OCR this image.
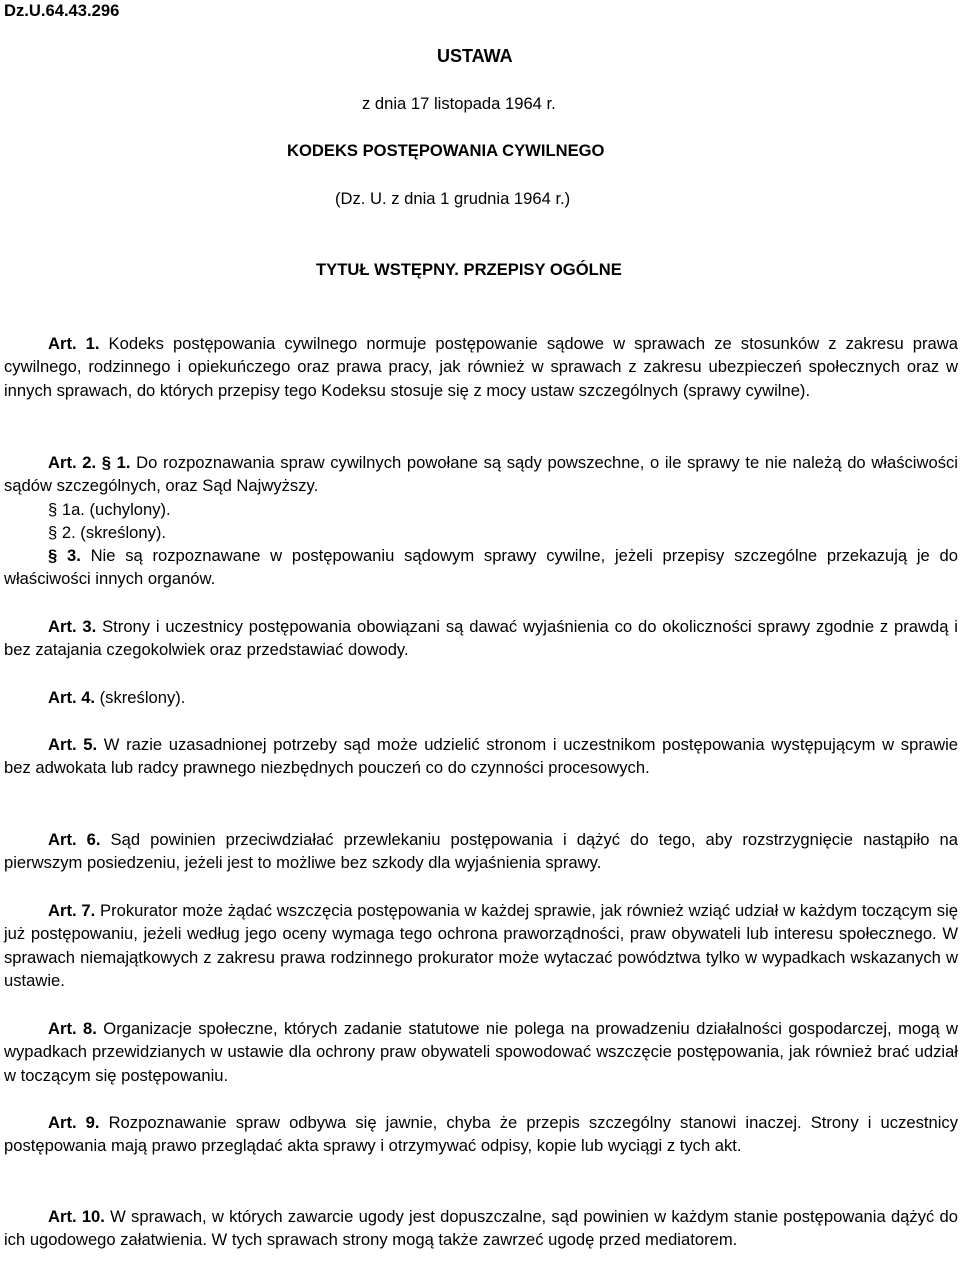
Dz.U.64.43.296
USTAWA
z dnia 17 listopada 1964 r.
KODEKS POSTĘPOWANIA CYWILNEGO
(Dz. U. z dnia 1 grudnia 1964 r.)
TYTUŁ WSTĘPNY. PRZEPISY OGÓLNE

Art. 1. Kodeks postępowania cywilnego normuje postępowanie sądowe w sprawach ze stosunków z zakresu prawa cywilnego, rodzinnego i opiekuńczego oraz prawa pracy, jak również w sprawach z zakresu ubezpieczeń społecznych oraz w innych sprawach, do których przepisy tego Kodeksu stosuje się z mocy ustaw szczególnych (sprawy cywilne).

Art. 2. § 1. Do rozpoznawania spraw cywilnych powołane są sądy powszechne, o ile sprawy te nie należą do właściwości sądów szczególnych, oraz Sąd Najwyższy.

§ 1a. (uchylony).

§ 2. (skreślony).

§ 3. Nie są rozpoznawane w postępowaniu sądowym sprawy cywilne, jeżeli przepisy szczególne przekazują je do właściwości innych organów.

Art. 3. Strony i uczestnicy postępowania obowiązani są dawać wyjaśnienia co do okoliczności sprawy zgodnie z prawdą i bez zatajania czegokolwiek oraz przedstawiać dowody.

Art. 4. (skreślony).

Art. 5. W razie uzasadnionej potrzeby sąd może udzielić stronom i uczestnikom postępowania występującym w sprawie bez adwokata lub radcy prawnego niezbędnych pouczeń co do czynności procesowych.

Art. 6. Sąd powinien przeciwdziałać przewlekaniu postępowania i dążyć do tego, aby rozstrzygnięcie nastąpiło na pierwszym posiedzeniu, jeżeli jest to możliwe bez szkody dla wyjaśnienia sprawy.

Art. 7. Prokurator może żądać wszczęcia postępowania w każdej sprawie, jak również wziąć udział w każdym toczącym się już postępowaniu, jeżeli według jego oceny wymaga tego ochrona praworządności, praw obywateli lub interesu społecznego. W sprawach niemajątkowych z zakresu prawa rodzinnego prokurator może wytaczać powództwa tylko w wypadkach wskazanych w ustawie.

Art. 8. Organizacje społeczne, których zadanie statutowe nie polega na prowadzeniu działalności gospodarczej, mogą w wypadkach przewidzianych w ustawie dla ochrony praw obywateli spowodować wszczęcie postępowania, jak również brać udział w toczącym się postępowaniu.

Art. 9. Rozpoznawanie spraw odbywa się jawnie, chyba że przepis szczególny stanowi inaczej. Strony i uczestnicy postępowania mają prawo przeglądać akta sprawy i otrzymywać odpisy, kopie lub wyciągi z tych akt.

Art. 10. W sprawach, w których zawarcie ugody jest dopuszczalne, sąd powinien w każdym stanie postępowania dążyć do ich ugodowego załatwienia. W tych sprawach strony mogą także zawrzeć ugodę przed mediatorem.
